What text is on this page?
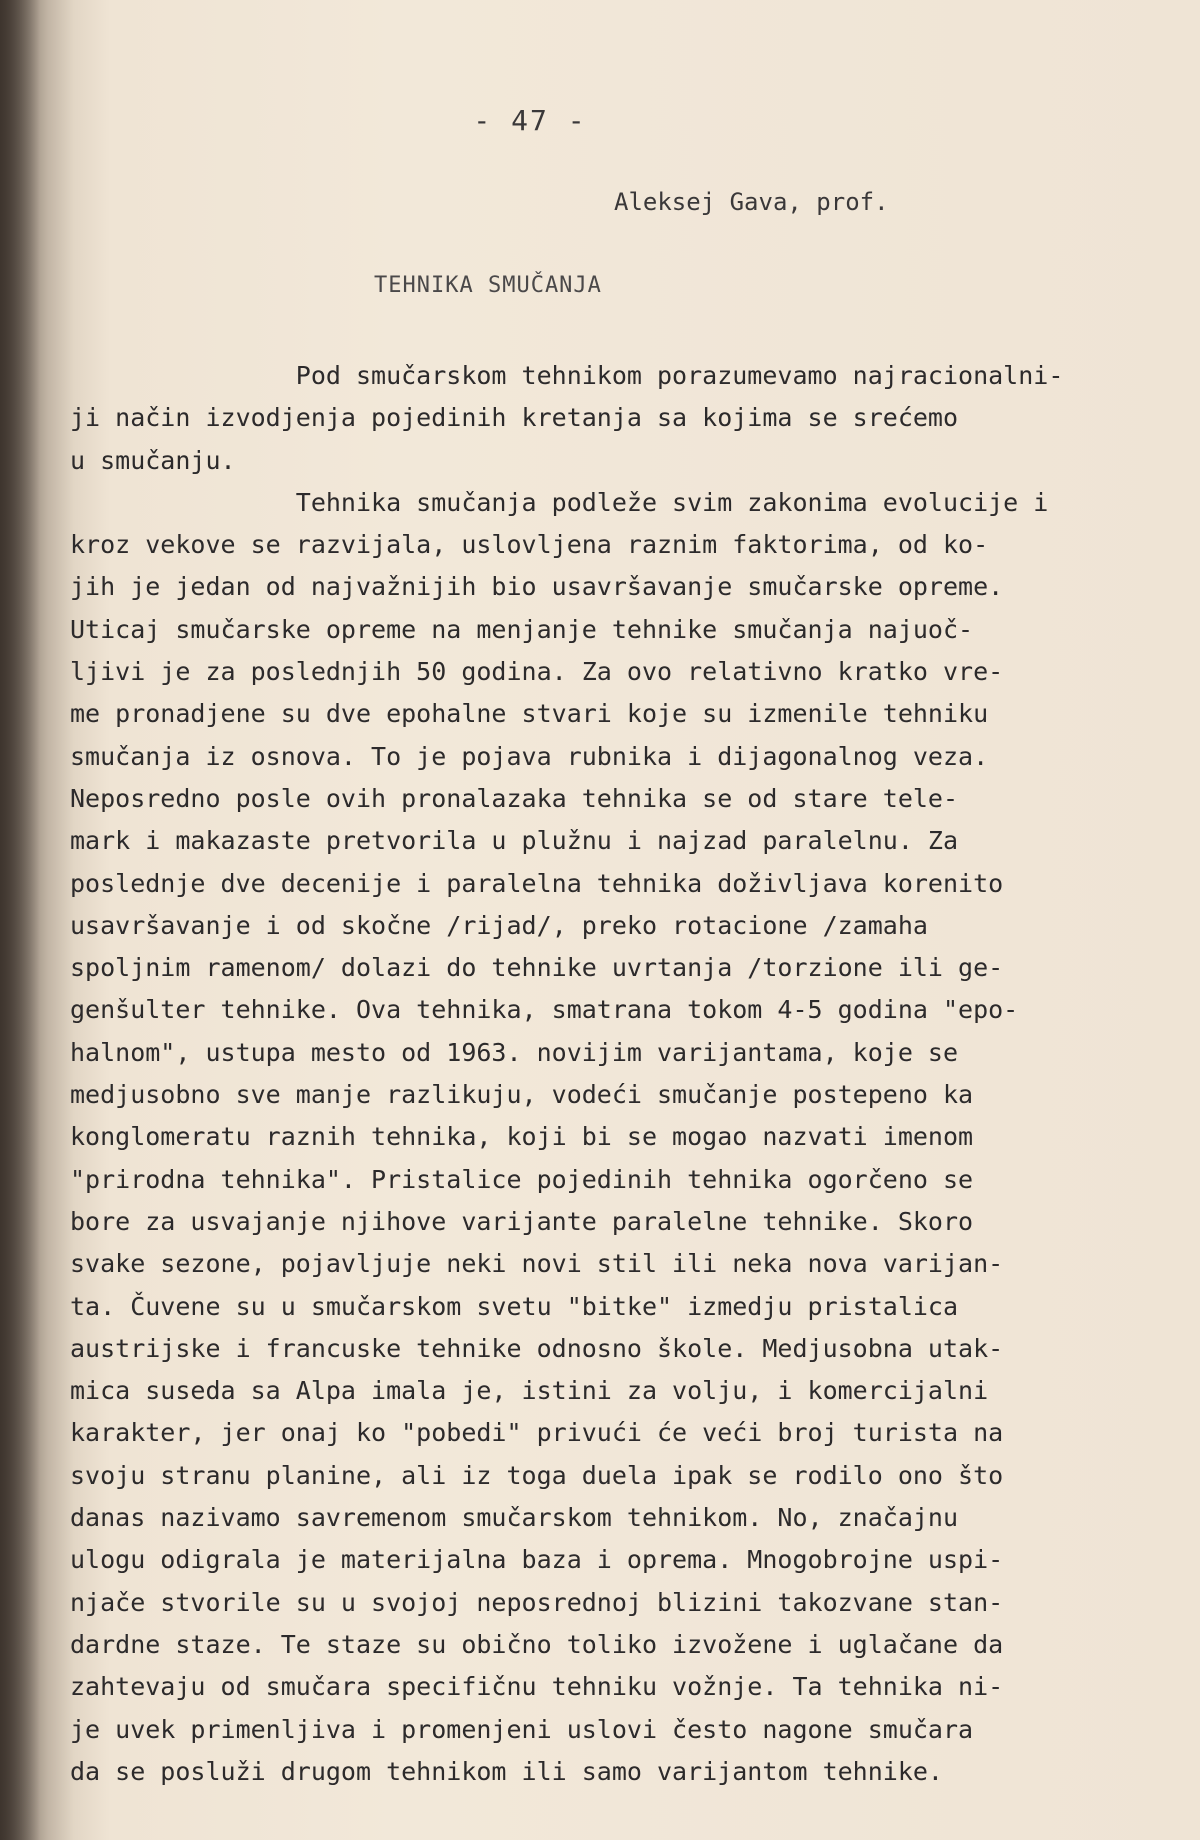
- 47 -
Aleksej Gava, prof.
TEHNIKA SMUČANJA
Pod smučarskom tehnikom porazumevamo najracionalni-
ji način izvodjenja pojedinih kretanja sa kojima se srećemo
u smučanju.
Tehnika smučanja podleže svim zakonima evolucije i
kroz vekove se razvijala, uslovljena raznim faktorima, od ko-
jih je jedan od najvažnijih bio usavršavanje smučarske opreme.
Uticaj smučarske opreme na menjanje tehnike smučanja najuoč-
ljivi je za poslednjih 50 godina. Za ovo relativno kratko vre-
me pronadjene su dve epohalne stvari koje su izmenile tehniku
smučanja iz osnova. To je pojava rubnika i dijagonalnog veza.
Neposredno posle ovih pronalazaka tehnika se od stare tele-
mark i makazaste pretvorila u plužnu i najzad paralelnu. Za
poslednje dve decenije i paralelna tehnika doživljava korenito
usavršavanje i od skočne /rijad/, preko rotacione /zamaha
spoljnim ramenom/ dolazi do tehnike uvrtanja /torzione ili ge-
genšulter tehnike. Ova tehnika, smatrana tokom 4-5 godina "epo-
halnom", ustupa mesto od 1963. novijim varijantama, koje se
medjusobno sve manje razlikuju, vodeći smučanje postepeno ka
konglomeratu raznih tehnika, koji bi se mogao nazvati imenom
"prirodna tehnika". Pristalice pojedinih tehnika ogorčeno se
bore za usvajanje njihove varijante paralelne tehnike. Skoro
svake sezone, pojavljuje neki novi stil ili neka nova varijan-
ta. Čuvene su u smučarskom svetu "bitke" izmedju pristalica
austrijske i francuske tehnike odnosno škole. Medjusobna utak-
mica suseda sa Alpa imala je, istini za volju, i komercijalni
karakter, jer onaj ko "pobedi" privući će veći broj turista na
svoju stranu planine, ali iz toga duela ipak se rodilo ono što
danas nazivamo savremenom smučarskom tehnikom. No, značajnu
ulogu odigrala je materijalna baza i oprema. Mnogobrojne uspi-
njače stvorile su u svojoj neposrednoj blizini takozvane stan-
dardne staze. Te staze su obično toliko izvožene i uglačane da
zahtevaju od smučara specifičnu tehniku vožnje. Ta tehnika ni-
je uvek primenljiva i promenjeni uslovi često nagone smučara
da se posluži drugom tehnikom ili samo varijantom tehnike.
